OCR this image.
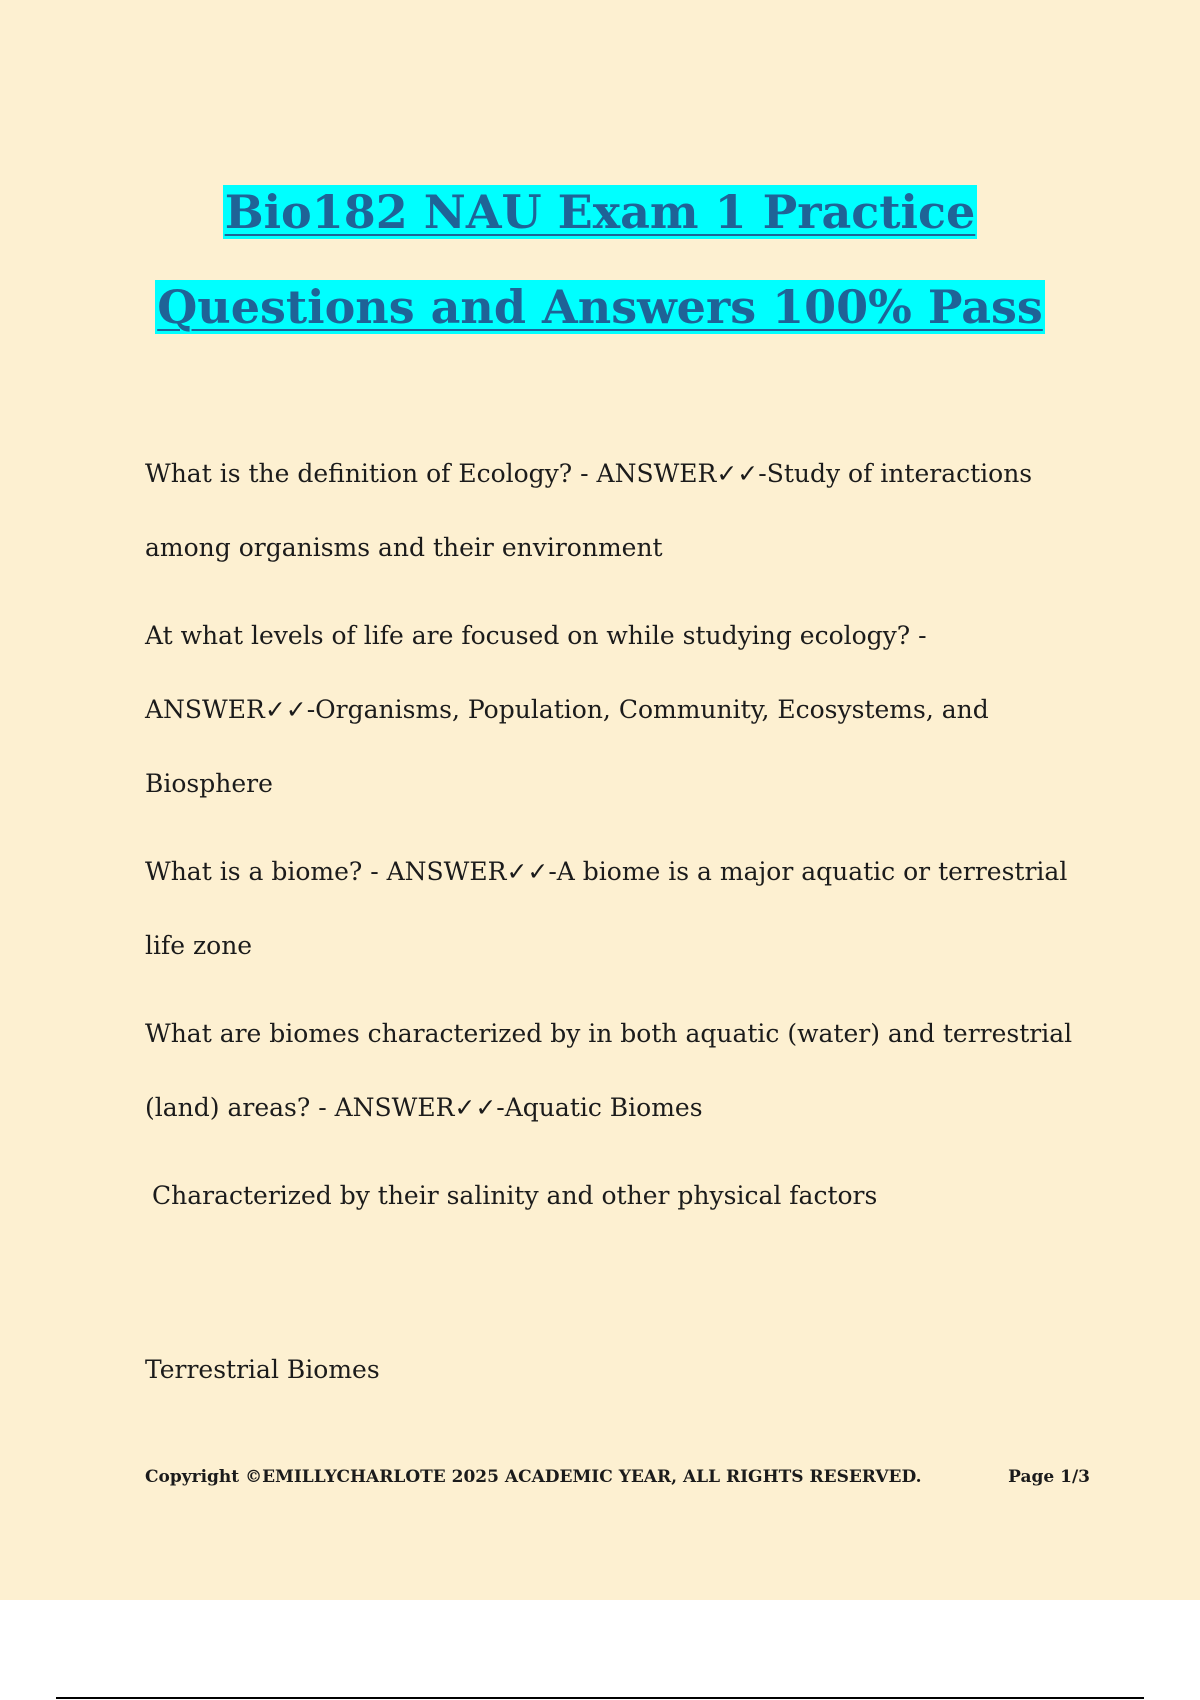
Bio182 NAU Exam 1 Practice
Questions and Answers 100% Pass

What is the definition of Ecology? - ANSWER✓✓-Study of interactions among organisms and their environment

At what levels of life are focused on while studying ecology? - ANSWER✓✓-Organisms, Population, Community, Ecosystems, and Biosphere

What is a biome? - ANSWER✓✓-A biome is a major aquatic or terrestrial life zone

What are biomes characterized by in both aquatic (water) and terrestrial (land) areas? - ANSWER✓✓-Aquatic Biomes

Characterized by their salinity and other physical factors

Terrestrial Biomes

Copyright ©EMILLYCHARLOTE 2025 ACADEMIC YEAR, ALL RIGHTS RESERVED.	Page 1/3
